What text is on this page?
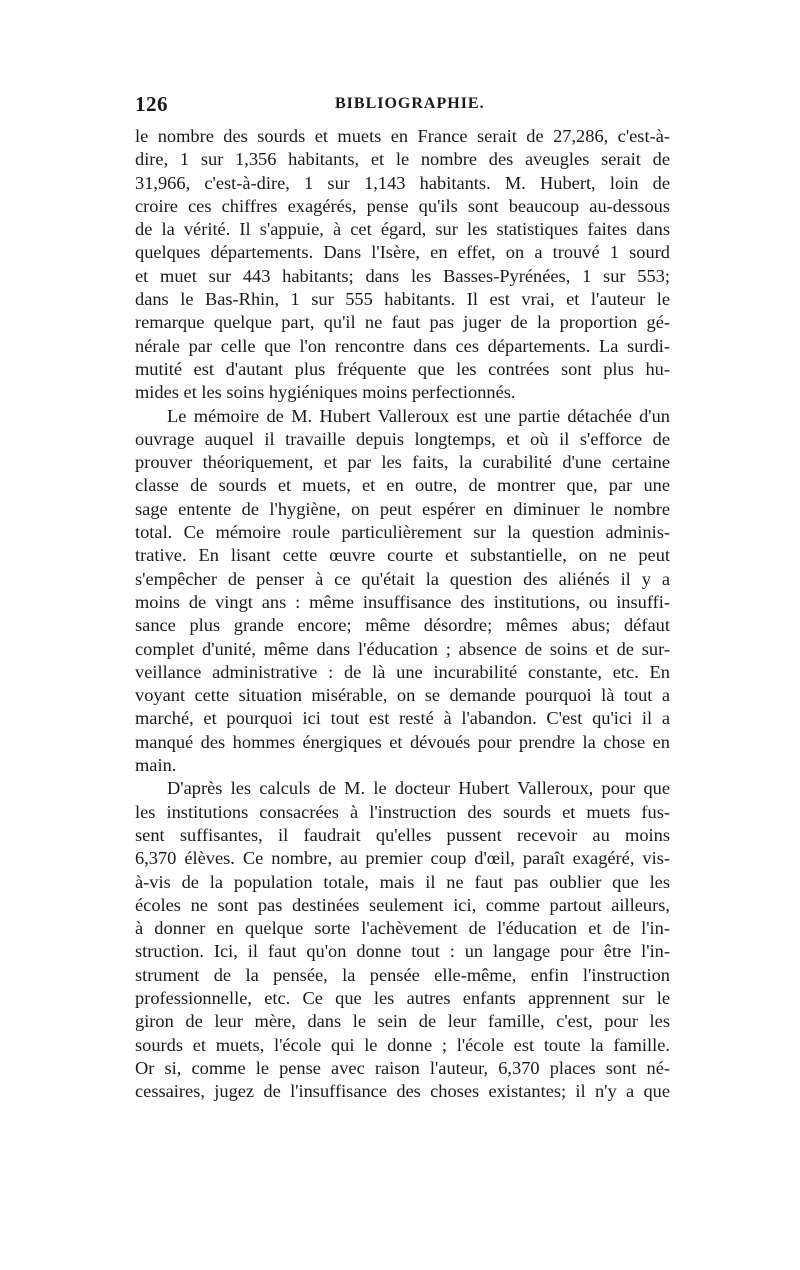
126	BIBLIOGRAPHIE.
le nombre des sourds et muets en France serait de 27,286, c'est-à-
dire, 1 sur 1,356 habitants, et le nombre des aveugles serait de
31,966, c'est-à-dire, 1 sur 1,143 habitants. M. Hubert, loin de
croire ces chiffres exagérés, pense qu'ils sont beaucoup au-dessous
de la vérité. Il s'appuie, à cet égard, sur les statistiques faites dans
quelques départements. Dans l'Isère, en effet, on a trouvé 1 sourd
et muet sur 443 habitants; dans les Basses-Pyrénées, 1 sur 553;
dans le Bas-Rhin, 1 sur 555 habitants. Il est vrai, et l'auteur le
remarque quelque part, qu'il ne faut pas juger de la proportion gé-
nérale par celle que l'on rencontre dans ces départements. La surdi-
mutité est d'autant plus fréquente que les contrées sont plus hu-
mides et les soins hygiéniques moins perfectionnés.
Le mémoire de M. Hubert Valleroux est une partie détachée d'un
ouvrage auquel il travaille depuis longtemps, et où il s'efforce de
prouver théoriquement, et par les faits, la curabilité d'une certaine
classe de sourds et muets, et en outre, de montrer que, par une
sage entente de l'hygiène, on peut espérer en diminuer le nombre
total. Ce mémoire roule particulièrement sur la question adminis-
trative. En lisant cette œuvre courte et substantielle, on ne peut
s'empêcher de penser à ce qu'était la question des aliénés il y a
moins de vingt ans : même insuffisance des institutions, ou insuffi-
sance plus grande encore; même désordre; mêmes abus; défaut
complet d'unité, même dans l'éducation ; absence de soins et de sur-
veillance administrative : de là une incurabilité constante, etc. En
voyant cette situation misérable, on se demande pourquoi là tout a
marché, et pourquoi ici tout est resté à l'abandon. C'est qu'ici il a
manqué des hommes énergiques et dévoués pour prendre la chose en
main.
D'après les calculs de M. le docteur Hubert Valleroux, pour que
les institutions consacrées à l'instruction des sourds et muets fus-
sent suffisantes, il faudrait qu'elles pussent recevoir au moins
6,370 élèves. Ce nombre, au premier coup d'œil, paraît exagéré, vis-
à-vis de la population totale, mais il ne faut pas oublier que les
écoles ne sont pas destinées seulement ici, comme partout ailleurs,
à donner en quelque sorte l'achèvement de l'éducation et de l'in-
struction. Ici, il faut qu'on donne tout : un langage pour être l'in-
strument de la pensée, la pensée elle-même, enfin l'instruction
professionnelle, etc. Ce que les autres enfants apprennent sur le
giron de leur mère, dans le sein de leur famille, c'est, pour les
sourds et muets, l'école qui le donne ; l'école est toute la famille.
Or si, comme le pense avec raison l'auteur, 6,370 places sont né-
cessaires, jugez de l'insuffisance des choses existantes; il n'y a que
